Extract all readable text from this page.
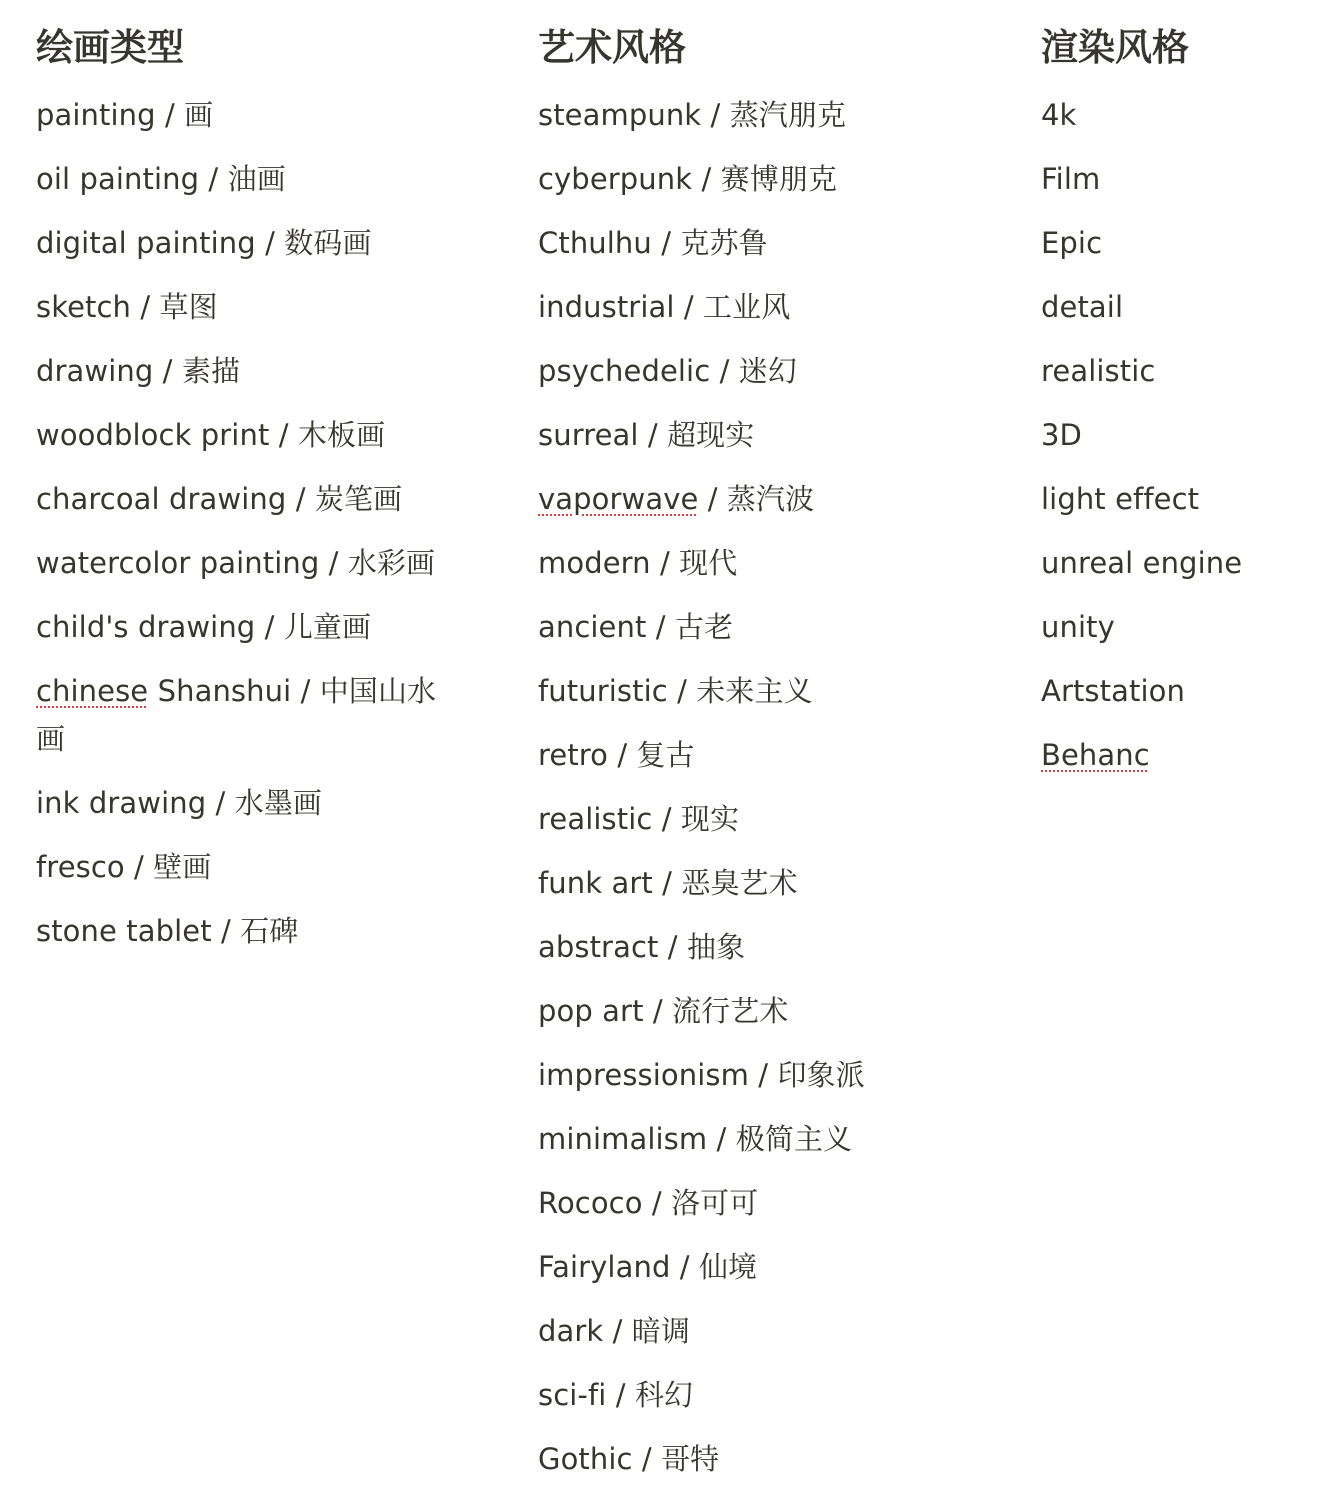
绘画类型
painting / 画
oil painting / 油画
digital painting / 数码画
sketch / 草图
drawing / 素描
woodblock print / 木板画
charcoal drawing / 炭笔画
watercolor painting / 水彩画
child's drawing / 儿童画
chinese Shanshui / 中国山水画
ink drawing / 水墨画
fresco / 壁画
stone tablet / 石碑
艺术风格
steampunk / 蒸汽朋克
cyberpunk / 赛博朋克
Cthulhu / 克苏鲁
industrial / 工业风
psychedelic / 迷幻
surreal / 超现实
vaporwave / 蒸汽波
modern / 现代
ancient / 古老
futuristic / 未来主义
retro / 复古
realistic / 现实
funk art / 恶臭艺术
abstract / 抽象
pop art / 流行艺术
impressionism / 印象派
minimalism / 极简主义
Rococo / 洛可可
Fairyland / 仙境
dark / 暗调
sci-fi / 科幻
Gothic / 哥特
渲染风格
4k
Film
Epic
detail
realistic
3D
light effect
unreal engine
unity
Artstation
Behanc
